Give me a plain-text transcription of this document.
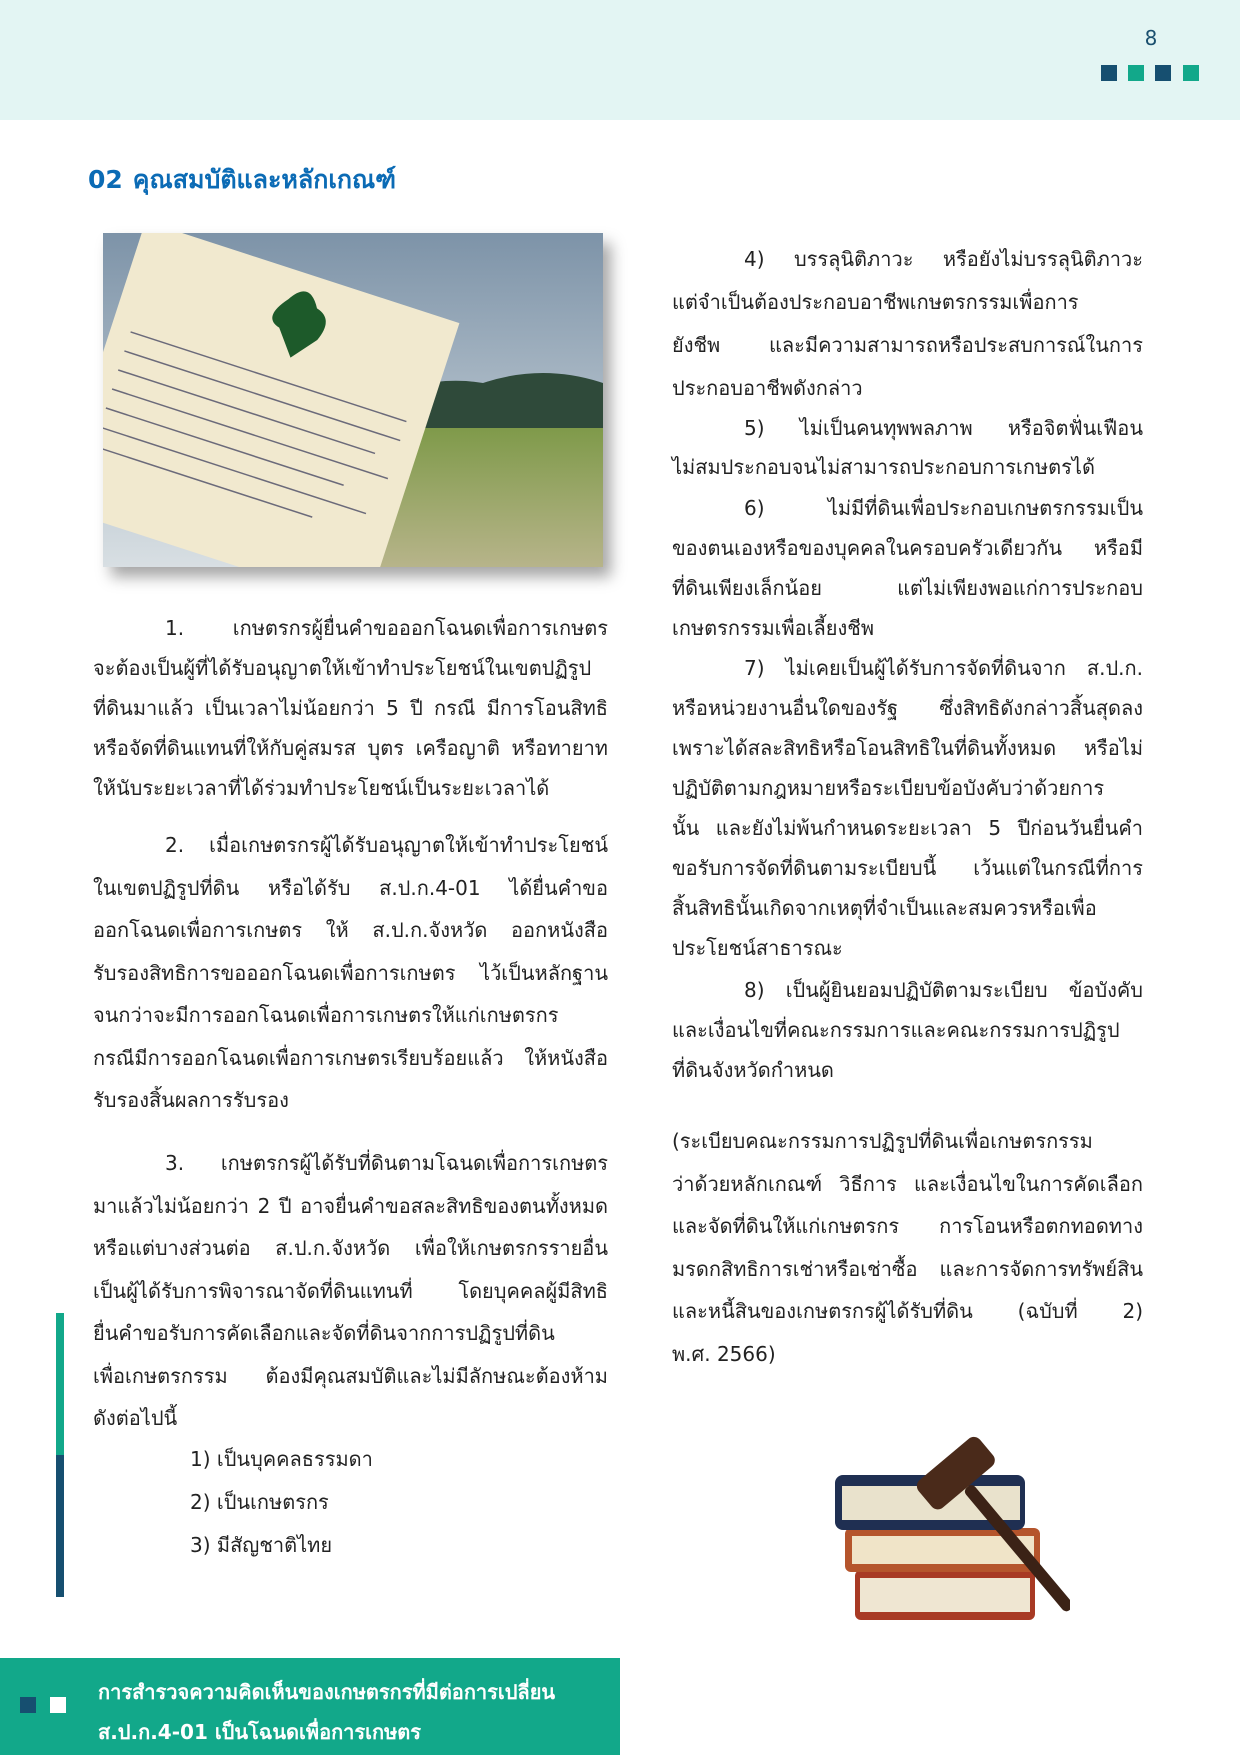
8
02 คุณสมบัติและหลักเกณฑ์
1. เกษตรกรผู้ยื่นคำขอออกโฉนดเพื่อการเกษตร
จะต้องเป็นผู้ที่ได้รับอนุญาตให้เข้าทำประโยชน์ในเขตปฏิรูป
ที่ดินมาแล้ว เป็นเวลาไม่น้อยกว่า 5 ปี กรณี มีการโอนสิทธิ
หรือจัดที่ดินแทนที่ให้กับคู่สมรส บุตร เครือญาติ หรือทายาท
ให้นับระยะเวลาที่ได้ร่วมทำประโยชน์เป็นระยะเวลาได้
2. เมื่อเกษตรกรผู้ได้รับอนุญาตให้เข้าทำประโยชน์
ในเขตปฏิรูปที่ดิน หรือได้รับ ส.ป.ก.4-01 ได้ยื่นคำขอ
ออกโฉนดเพื่อการเกษตร ให้ ส.ป.ก.จังหวัด ออกหนังสือ
รับรองสิทธิการขอออกโฉนดเพื่อการเกษตร ไว้เป็นหลักฐาน
จนกว่าจะมีการออกโฉนดเพื่อการเกษตรให้แก่เกษตรกร
กรณีมีการออกโฉนดเพื่อการเกษตรเรียบร้อยแล้ว ให้หนังสือ
รับรองสิ้นผลการรับรอง
3. เกษตรกรผู้ได้รับที่ดินตามโฉนดเพื่อการเกษตร
มาแล้วไม่น้อยกว่า 2 ปี อาจยื่นคำขอสละสิทธิของตนทั้งหมด
หรือแต่บางส่วนต่อ ส.ป.ก.จังหวัด เพื่อให้เกษตรกรรายอื่น
เป็นผู้ได้รับการพิจารณาจัดที่ดินแทนที่ โดยบุคคลผู้มีสิทธิ
ยื่นคำขอรับการคัดเลือกและจัดที่ดินจากการปฏิรูปที่ดิน
เพื่อเกษตรกรรม ต้องมีคุณสมบัติและไม่มีลักษณะต้องห้าม
ดังต่อไปนี้
1) เป็นบุคคลธรรมดา
2) เป็นเกษตรกร
3) มีสัญชาติไทย
4) บรรลุนิติภาวะ หรือยังไม่บรรลุนิติภาวะ
แต่จำเป็นต้องประกอบอาชีพเกษตรกรรมเพื่อการ
ยังชีพ และมีความสามารถหรือประสบการณ์ในการ
ประกอบอาชีพดังกล่าว
5) ไม่เป็นคนทุพพลภาพ หรือจิตฟั่นเฟือน
ไม่สมประกอบจนไม่สามารถประกอบการเกษตรได้
6) ไม่มีที่ดินเพื่อประกอบเกษตรกรรมเป็น
ของตนเองหรือของบุคคลในครอบครัวเดียวกัน หรือมี
ที่ดินเพียงเล็กน้อย แต่ไม่เพียงพอแก่การประกอบ
เกษตรกรรมเพื่อเลี้ยงชีพ
7) ไม่เคยเป็นผู้ได้รับการจัดที่ดินจาก ส.ป.ก.
หรือหน่วยงานอื่นใดของรัฐ ซึ่งสิทธิดังกล่าวสิ้นสุดลง
เพราะได้สละสิทธิหรือโอนสิทธิในที่ดินทั้งหมด หรือไม่
ปฏิบัติตามกฎหมายหรือระเบียบข้อบังคับว่าด้วยการ
นั้น และยังไม่พ้นกำหนดระยะเวลา 5 ปีก่อนวันยื่นคำ
ขอรับการจัดที่ดินตามระเบียบนี้ เว้นแต่ในกรณีที่การ
สิ้นสิทธินั้นเกิดจากเหตุที่จำเป็นและสมควรหรือเพื่อ
ประโยชน์สาธารณะ
8) เป็นผู้ยินยอมปฏิบัติตามระเบียบ ข้อบังคับ
และเงื่อนไขที่คณะกรรมการและคณะกรรมการปฏิรูป
ที่ดินจังหวัดกำหนด
(ระเบียบคณะกรรมการปฏิรูปที่ดินเพื่อเกษตรกรรม
ว่าด้วยหลักเกณฑ์ วิธีการ และเงื่อนไขในการคัดเลือก
และจัดที่ดินให้แก่เกษตรกร การโอนหรือตกทอดทาง
มรดกสิทธิการเช่าหรือเช่าซื้อ และการจัดการทรัพย์สิน
และหนี้สินของเกษตรกรผู้ได้รับที่ดิน (ฉบับที่ 2)
พ.ศ. 2566)
การสำรวจความคิดเห็นของเกษตรกรที่มีต่อการเปลี่ยน
ส.ป.ก.4-01 เป็นโฉนดเพื่อการเกษตร
